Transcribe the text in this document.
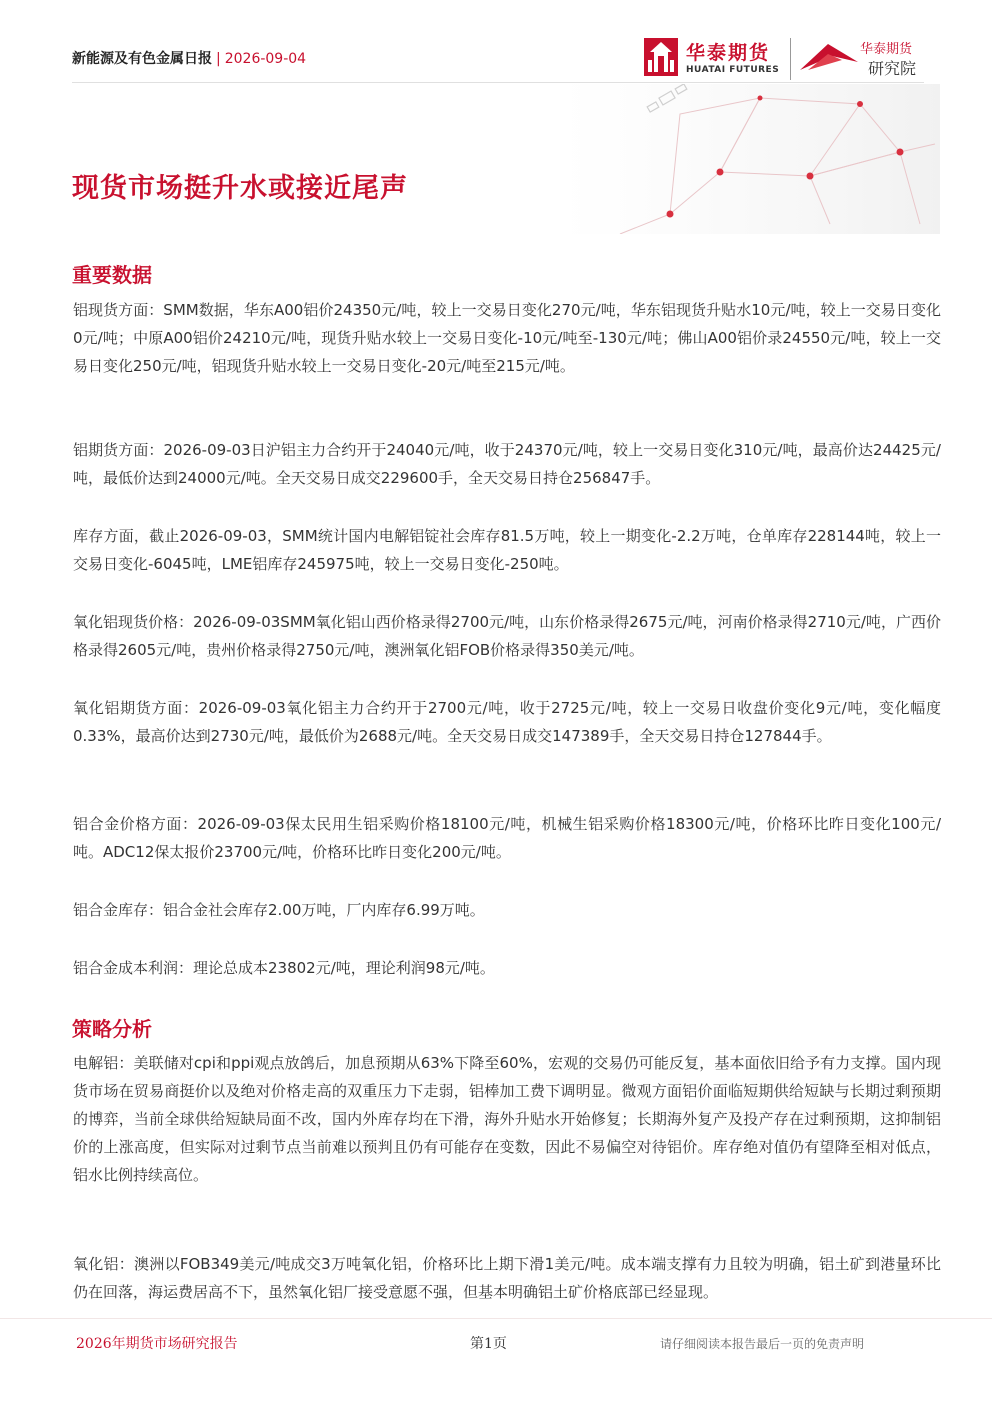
新能源及有色金属日报 | 2026-09-04	华泰期货
HUATAI FUTURES
华泰期货
研究院
现货市场挺升水或接近尾声
重要数据
铝现货方面：SMM数据，华东A00铝价24350元/吨，较上一交易日变化270元/吨，华东铝现货升贴水10元/吨，较上一交易日变化0元/吨；中原A00铝价24210元/吨，现货升贴水较上一交易日变化-10元/吨至-130元/吨；佛山A00铝价录24550元/吨，较上一交易日变化250元/吨，铝现货升贴水较上一交易日变化-20元/吨至215元/吨。
铝期货方面：2026-09-03日沪铝主力合约开于24040元/吨，收于24370元/吨，较上一交易日变化310元/吨，最高价达24425元/吨，最低价达到24000元/吨。全天交易日成交229600手，全天交易日持仓256847手。
库存方面，截止2026-09-03，SMM统计国内电解铝锭社会库存81.5万吨，较上一期变化-2.2万吨，仓单库存228144吨，较上一交易日变化-6045吨，LME铝库存245975吨，较上一交易日变化-250吨。
氧化铝现货价格：2026-09-03SMM氧化铝山西价格录得2700元/吨，山东价格录得2675元/吨，河南价格录得2710元/吨，广西价格录得2605元/吨，贵州价格录得2750元/吨，澳洲氧化铝FOB价格录得350美元/吨。
氧化铝期货方面：2026-09-03氧化铝主力合约开于2700元/吨，收于2725元/吨，较上一交易日收盘价变化9元/吨，变化幅度0.33%，最高价达到2730元/吨，最低价为2688元/吨。全天交易日成交147389手，全天交易日持仓127844手。
铝合金价格方面：2026-09-03保太民用生铝采购价格18100元/吨，机械生铝采购价格18300元/吨，价格环比昨日变化100元/吨。ADC12保太报价23700元/吨，价格环比昨日变化200元/吨。
铝合金库存：铝合金社会库存2.00万吨，厂内库存6.99万吨。
铝合金成本利润：理论总成本23802元/吨，理论利润98元/吨。
策略分析
电解铝：美联储对cpi和ppi观点放鸽后，加息预期从63%下降至60%，宏观的交易仍可能反复，基本面依旧给予有力支撑。国内现货市场在贸易商挺价以及绝对价格走高的双重压力下走弱，铝棒加工费下调明显。微观方面铝价面临短期供给短缺与长期过剩预期的博弈，当前全球供给短缺局面不改，国内外库存均在下滑，海外升贴水开始修复；长期海外复产及投产存在过剩预期，这抑制铝价的上涨高度，但实际对过剩节点当前难以预判且仍有可能存在变数，因此不易偏空对待铝价。库存绝对值仍有望降至相对低点，铝水比例持续高位。
氧化铝：澳洲以FOB349美元/吨成交3万吨氧化铝，价格环比上期下滑1美元/吨。成本端支撑有力且较为明确，铝土矿到港量环比仍在回落，海运费居高不下，虽然氧化铝厂接受意愿不强，但基本明确铝土矿价格底部已经显现。
2026年期货市场研究报告	第1页	请仔细阅读本报告最后一页的免责声明
